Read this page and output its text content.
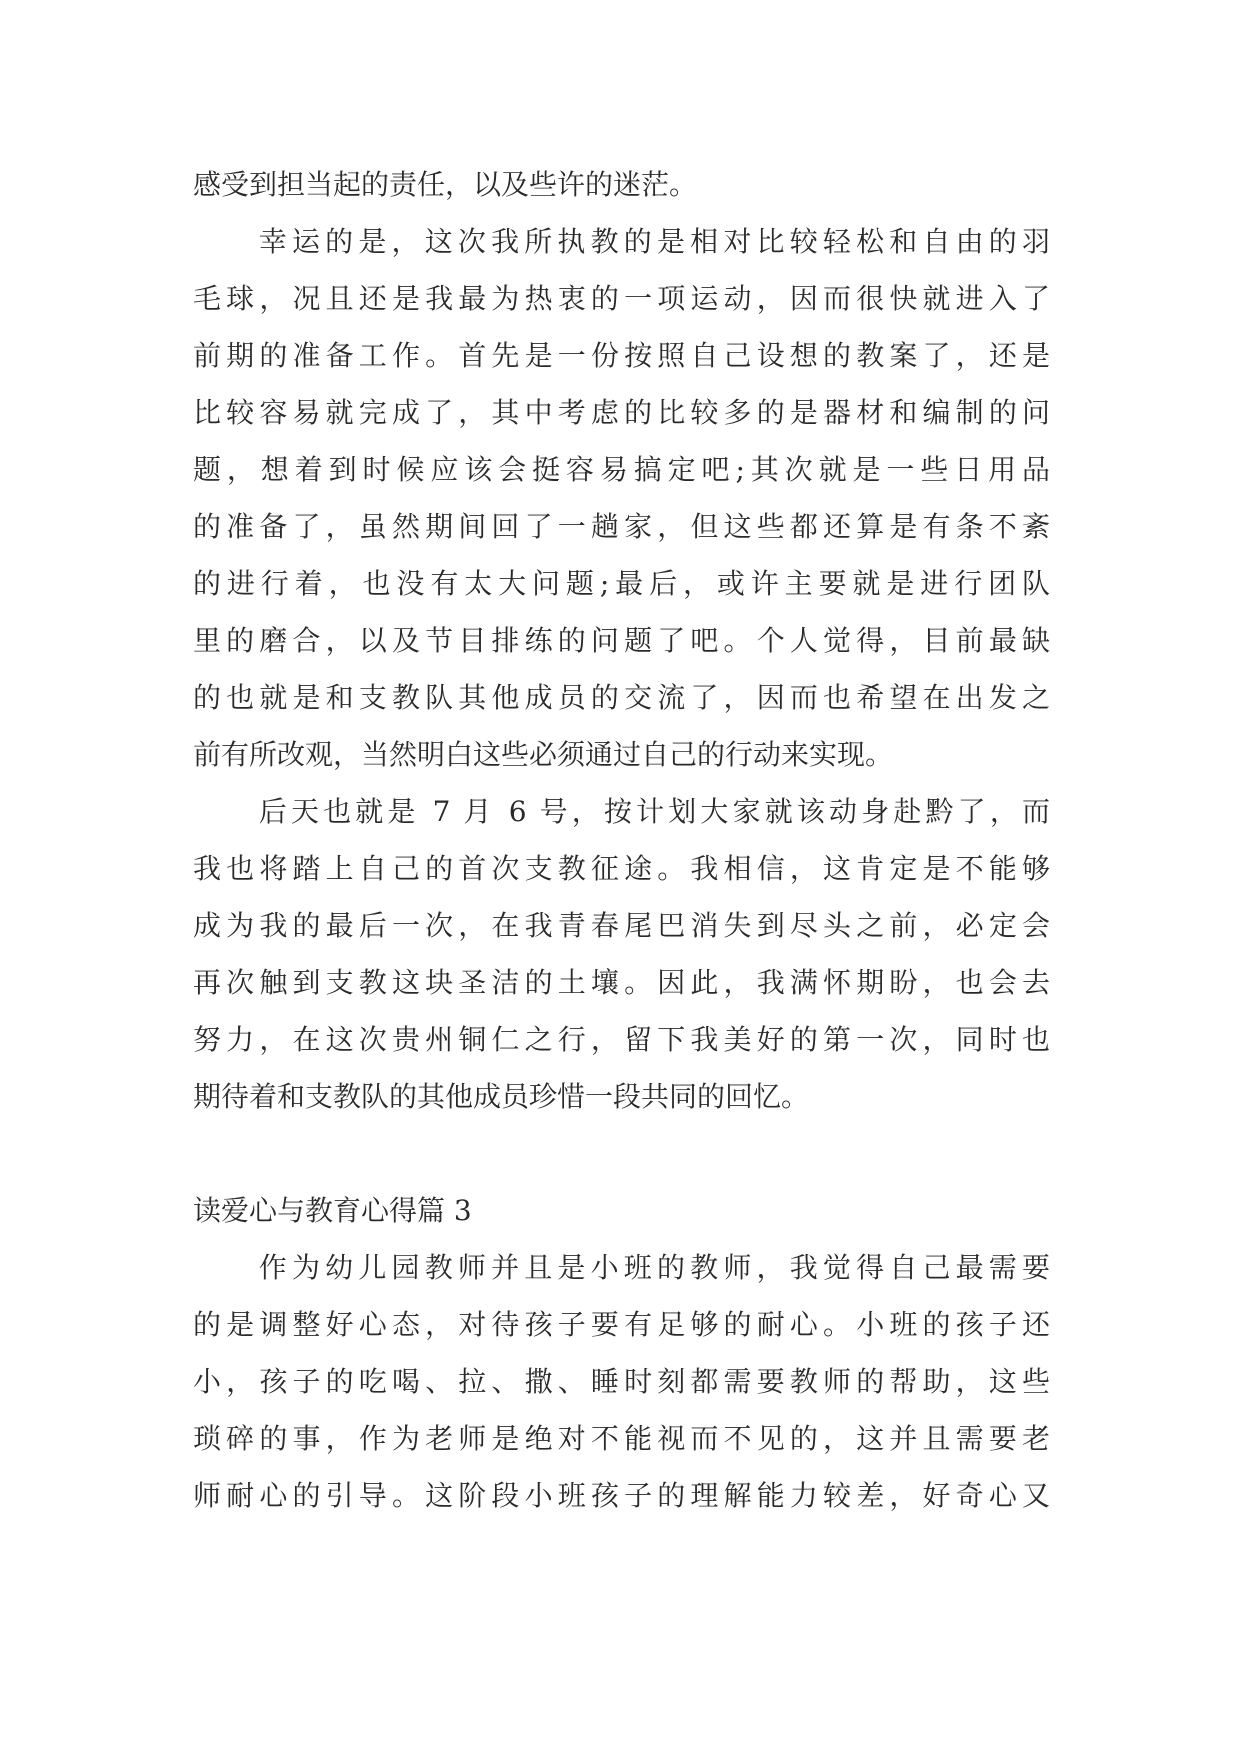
感受到担当起的责任，以及些许的迷茫。
幸运的是，这次我所执教的是相对比较轻松和自由的羽
毛球，况且还是我最为热衷的一项运动，因而很快就进入了
前期的准备工作。首先是一份按照自己设想的教案了，还是
比较容易就完成了，其中考虑的比较多的是器材和编制的问
题，想着到时候应该会挺容易搞定吧;其次就是一些日用品
的准备了，虽然期间回了一趟家，但这些都还算是有条不紊
的进行着，也没有太大问题;最后，或许主要就是进行团队
里的磨合，以及节目排练的问题了吧。个人觉得，目前最缺
的也就是和支教队其他成员的交流了，因而也希望在出发之
前有所改观，当然明白这些必须通过自己的行动来实现。
后天也就是 7 月 6 号，按计划大家就该动身赴黔了，而
我也将踏上自己的首次支教征途。我相信，这肯定是不能够
成为我的最后一次，在我青春尾巴消失到尽头之前，必定会
再次触到支教这块圣洁的土壤。因此，我满怀期盼，也会去
努力，在这次贵州铜仁之行，留下我美好的第一次，同时也
期待着和支教队的其他成员珍惜一段共同的回忆。
读爱心与教育心得篇 3
作为幼儿园教师并且是小班的教师，我觉得自己最需要
的是调整好心态，对待孩子要有足够的耐心。小班的孩子还
小，孩子的吃喝、拉、撒、睡时刻都需要教师的帮助，这些
琐碎的事，作为老师是绝对不能视而不见的，这并且需要老
师耐心的引导。这阶段小班孩子的理解能力较差，好奇心又
